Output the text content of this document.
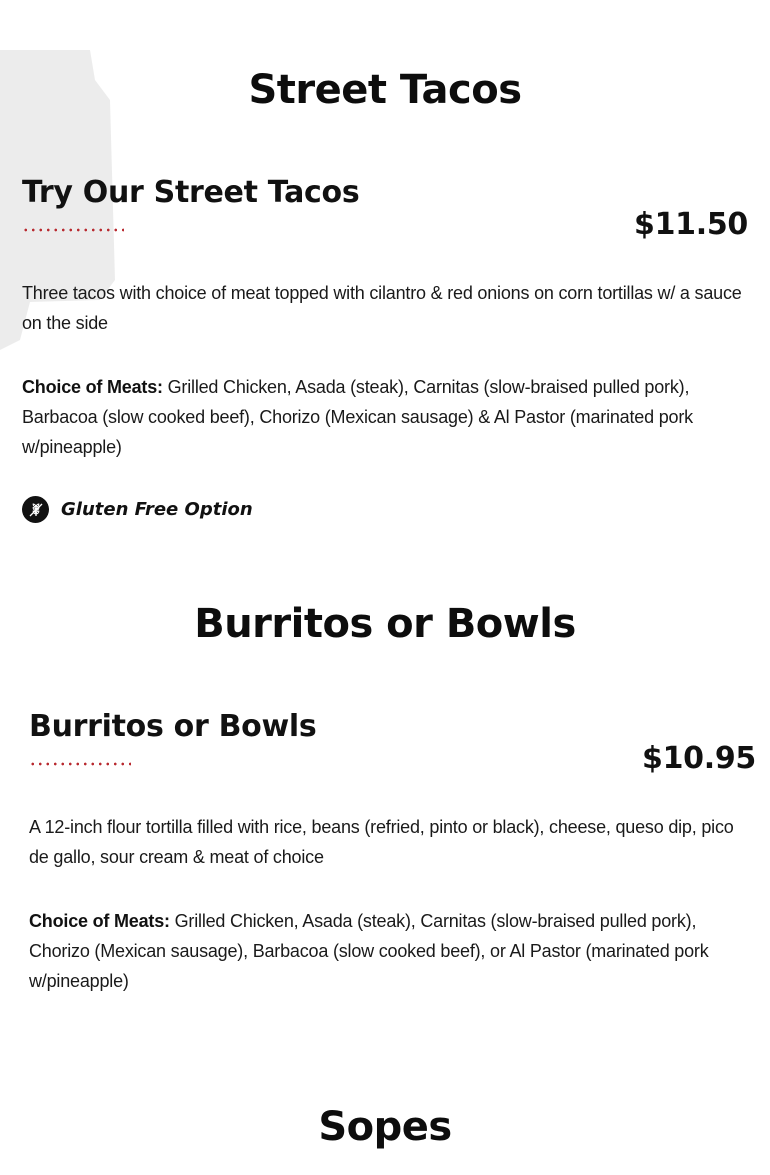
Street Tacos
Try Our Street Tacos
$11.50

Three tacos with choice of meat topped with cilantro & red onions on corn tortillas w/ a sauce on the side

Choice of Meats: Grilled Chicken, Asada (steak), Carnitas (slow-braised pulled pork), Barbacoa (slow cooked beef), Chorizo (Mexican sausage) & Al Pastor (marinated pork w/pineapple)

Gluten Free Option
Burritos or Bowls
Burritos or Bowls
$10.95

A 12-inch flour tortilla filled with rice, beans (refried, pinto or black), cheese, queso dip, pico de gallo, sour cream & meat of choice

Choice of Meats: Grilled Chicken, Asada (steak), Carnitas (slow-braised pulled pork), Chorizo (Mexican sausage), Barbacoa (slow cooked beef), or Al Pastor (marinated pork w/pineapple)

Sopes
